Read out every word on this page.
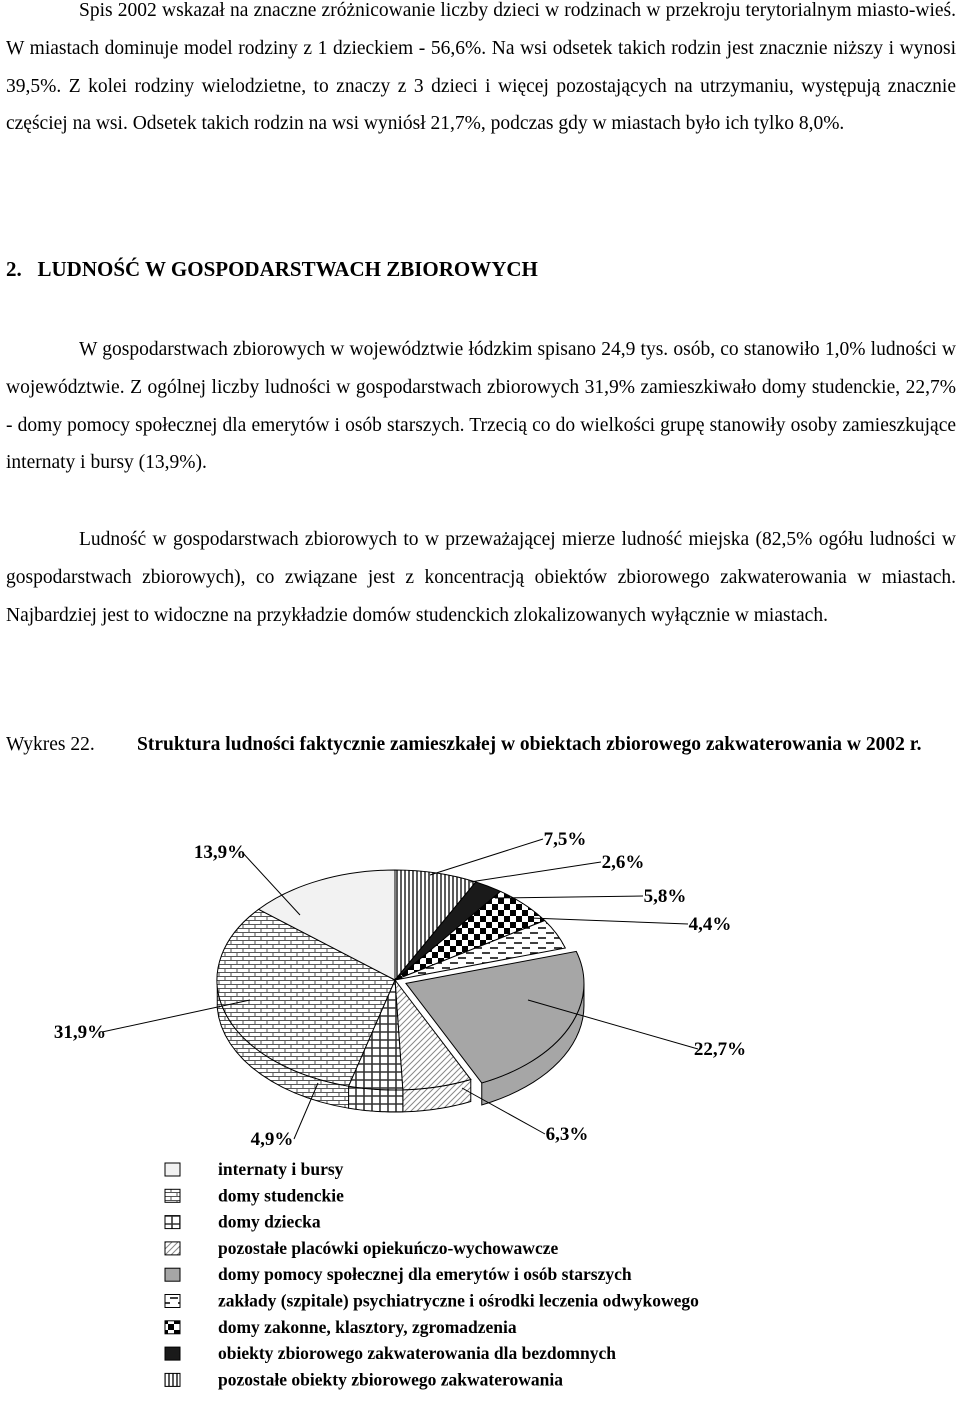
Spis 2002 wskazał na znaczne zróżnicowanie liczby dzieci w rodzinach w przekroju terytorialnym miasto-wieś. W miastach dominuje model rodziny z 1 dzieckiem - 56,6%. Na wsi odsetek takich rodzin jest znacznie niższy i wynosi 39,5%. Z kolei rodziny wielodzietne, to znaczy z 3 dzieci i więcej pozostających na utrzymaniu, występują znacznie częściej na wsi. Odsetek takich rodzin na wsi wyniósł 21,7%, podczas gdy w miastach było ich tylko 8,0%.

2.   LUDNOŚĆ W GOSPODARSTWACH ZBIOROWYCH

W gospodarstwach zbiorowych w województwie łódzkim spisano 24,9 tys. osób, co stanowiło 1,0% ludności w województwie. Z ogólnej liczby ludności w gospodarstwach zbiorowych 31,9% zamieszkiwało domy studenckie, 22,7% - domy pomocy społecznej dla emerytów i osób starszych. Trzecią co do wielkości grupę stanowiły osoby zamieszkujące internaty i bursy (13,9%).

Ludność w gospodarstwach zbiorowych to w przeważającej mierze ludność miejska (82,5% ogółu ludności w gospodarstwach zbiorowych), co związane jest z koncentracją obiektów zbiorowego zakwaterowania w miastach. Najbardziej jest to widoczne na przykładzie domów studenckich zlokalizowanych wyłącznie w miastach.

Wykres 22. Struktura ludności faktycznie zamieszkałej w obiektach zbiorowego zakwaterowania w 2002 r.
13,9%
31,9%
4,9%	6,3%
22,7%
4,4%
5,8%
2,6%
7,5%
internaty i bursy
domy studenckie
domy dziecka
pozostałe placówki opiekuńczo-wychowawcze
domy pomocy społecznej dla emerytów i osób starszych
zakłady (szpitale) psychiatryczne i ośrodki leczenia odwykowego
domy zakonne, klasztory, zgromadzenia
obiekty zbiorowego zakwaterowania dla bezdomnych
pozostałe obiekty zbiorowego zakwaterowania
